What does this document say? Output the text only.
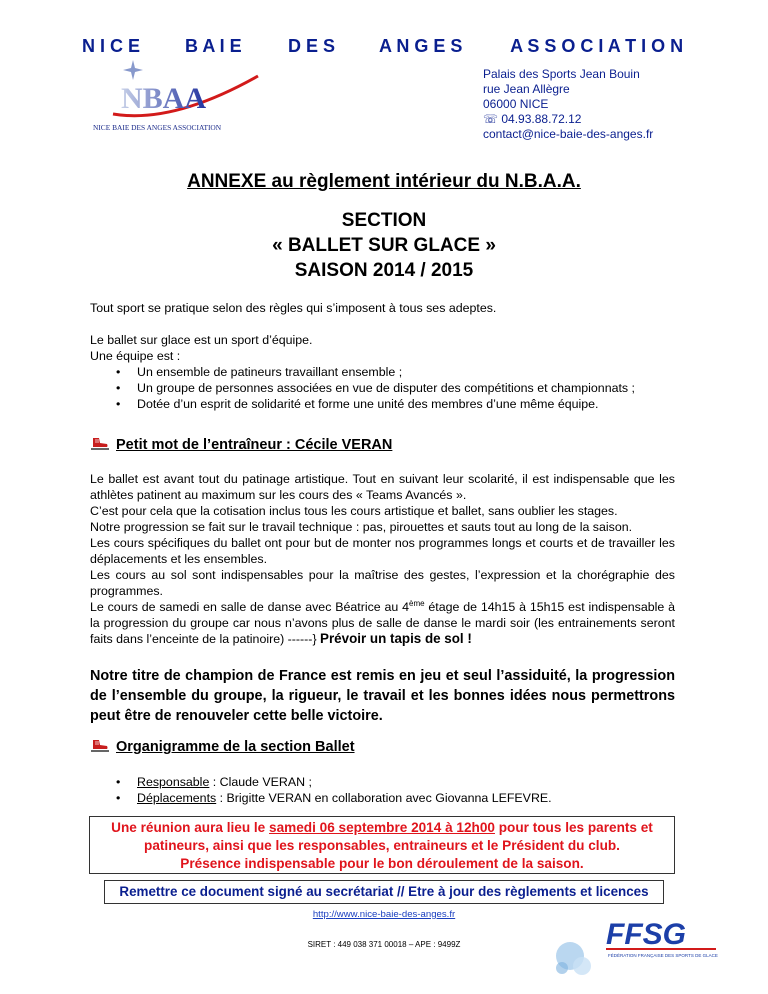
N I C E	B A I E	D E S A N G E S	A S S O C I A T I O N
NBAA
NICE BAIE DES ANGES ASSOCIATION
Palais des Sports Jean Bouin
rue Jean Allègre
06000 NICE
☏ 04.93.88.72.12
contact@nice-baie-des-anges.fr
ANNEXE au règlement intérieur du N.B.A.A.
SECTION
« BALLET SUR GLACE »
SAISON 2014 / 2015
Tout sport se pratique selon des règles qui s’imposent à tous ses adeptes.
Le ballet sur glace est un sport d’équipe.
Une équipe est :
• Un ensemble de patineurs travaillant ensemble ;
• Un groupe de personnes associées en vue de disputer des compétitions et championnats ;
• Dotée d’un esprit de solidarité et forme une unité des membres d’une même équipe.
Petit mot de l’entraîneur : Cécile VERAN
Le ballet est avant tout du patinage artistique. Tout en suivant leur scolarité, il est indispensable que les athlètes patinent au maximum sur les cours des « Teams Avancés ».
C’est pour cela que la cotisation inclus tous les cours artistique et ballet, sans oublier les stages.
Notre progression se fait sur le travail technique : pas, pirouettes et sauts tout au long de la saison.
Les cours spécifiques du ballet ont pour but de monter nos programmes longs et courts et de travailler les déplacements et les ensembles.
Les cours au sol sont indispensables pour la maîtrise des gestes, l’expression et la chorégraphie des programmes.
Le cours de samedi en salle de danse avec Béatrice au 4ème étage de 14h15 à 15h15 est indispensable à la progression du groupe car nous n’avons plus de salle de danse le mardi soir (les entrainements seront faits dans l’enceinte de la patinoire) ------} Prévoir un tapis de sol !
Notre titre de champion de France est remis en jeu et seul l’assiduité, la progression de l’ensemble du groupe, la rigueur, le travail et les bonnes idées nous permettrons peut être de renouveler cette belle victoire.
Organigramme de la section Ballet
• Responsable : Claude VERAN ;
• Déplacements : Brigitte VERAN en collaboration avec Giovanna LEFEVRE.
Une réunion aura lieu le samedi 06 septembre 2014 à 12h00 pour tous les parents et
patineurs, ainsi que les responsables, entraineurs et le Président du club.
Présence indispensable pour le bon déroulement de la saison.
Remettre ce document signé au secrétariat // Etre à jour des règlements et licences
http://www.nice-baie-des-anges.fr
SIRET : 449 038 371 00018 – APE : 9499Z	FFSG
FÉDÉRATION FRANÇAISE DES SPORTS DE GLACE
